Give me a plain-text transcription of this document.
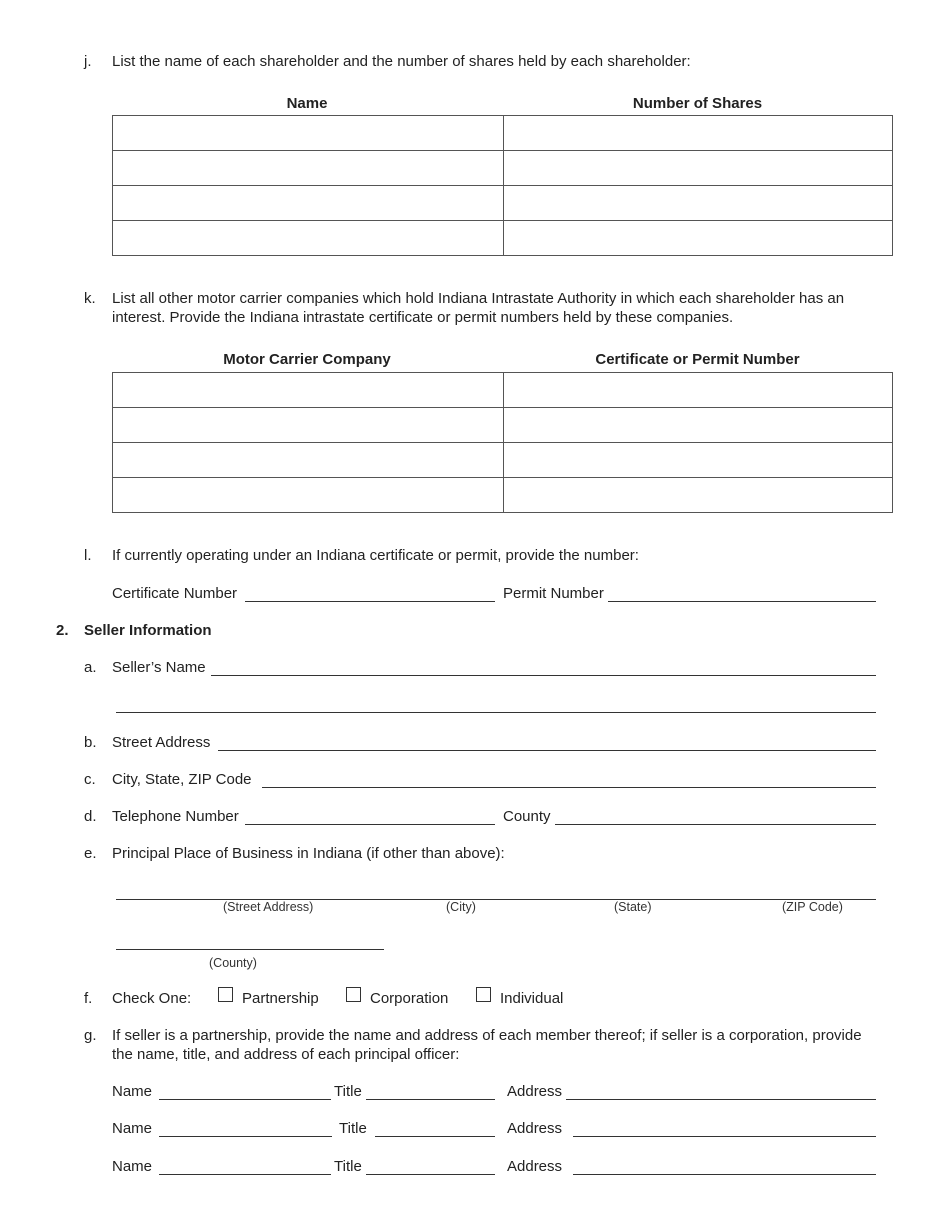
j. List the name of each shareholder and the number of shares held by each shareholder:
Name	Number of Shares

k. List all other motor carrier companies which hold Indiana Intrastate Authority in which each shareholder has an
interest. Provide the Indiana intrastate certificate or permit numbers held by these companies.
Motor Carrier Company	Certificate or Permit Number

l. If currently operating under an Indiana certificate or permit, provide the number:
Certificate Number	Permit Number
2. Seller Information
a. Seller’s Name
b. Street Address
c. City, State, ZIP Code
d. Telephone Number	County
e. Principal Place of Business in Indiana (if other than above):
(Street Address)	(City)	(State)	(ZIP Code)
(County)
f. Check One:	Partnership	Corporation	Individual
g. If seller is a partnership, provide the name and address of each member thereof; if seller is a corporation, provide
the name, title, and address of each principal officer:
Name	Title	Address
Name	Title	Address
Name	Title	Address
